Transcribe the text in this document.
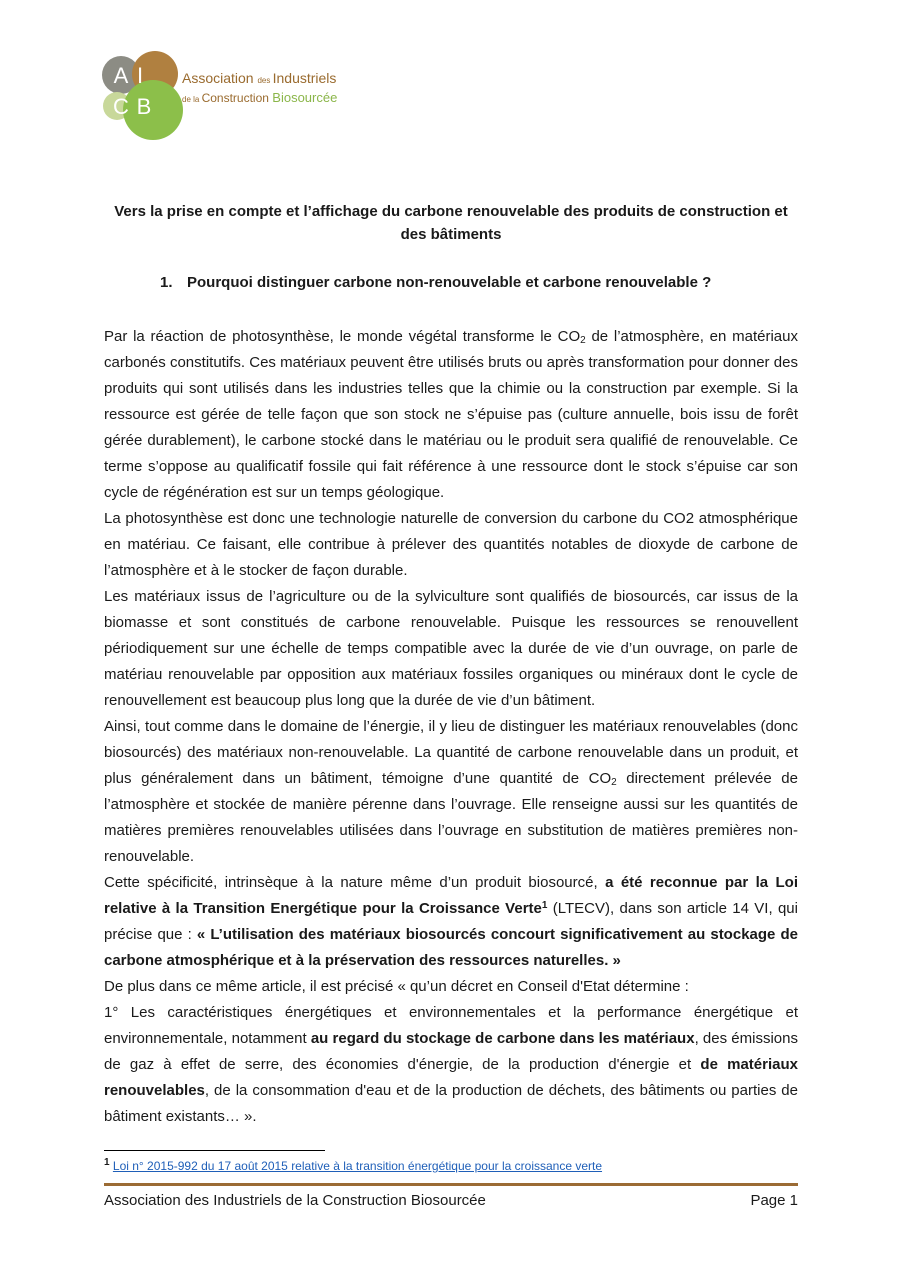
A I
C B
Association des Industriels
de la Construction Biosourcée
Vers la prise en compte et l’affichage du carbone renouvelable des produits de construction et des bâtiments
1. Pourquoi distinguer carbone non-renouvelable et carbone renouvelable ?

Par la réaction de photosynthèse, le monde végétal transforme le $CO_2$ de l’atmosphère, en matériaux carbonés constitutifs. Ces matériaux peuvent être utilisés bruts ou après transformation pour donner des produits qui sont utilisés dans les industries telles que la chimie ou la construction par exemple. Si la ressource est gérée de telle façon que son stock ne s’épuise pas (culture annuelle, bois issu de forêt gérée durablement), le carbone stocké dans le matériau ou le produit sera qualifié de renouvelable. Ce terme s’oppose au qualificatif fossile qui fait référence à une ressource dont le stock s’épuise car son cycle de régénération est sur un temps géologique.

La photosynthèse est donc une technologie naturelle de conversion du carbone du CO2 atmosphérique en matériau. Ce faisant, elle contribue à prélever des quantités notables de dioxyde de carbone de l’atmosphère et à le stocker de façon durable.

Les matériaux issus de l’agriculture ou de la sylviculture sont qualifiés de biosourcés, car issus de la biomasse et sont constitués de carbone renouvelable. Puisque les ressources se renouvellent périodiquement sur une échelle de temps compatible avec la durée de vie d’un ouvrage, on parle de matériau renouvelable par opposition aux matériaux fossiles organiques ou minéraux dont le cycle de renouvellement est beaucoup plus long que la durée de vie d’un bâtiment.

Ainsi, tout comme dans le domaine de l’énergie, il y lieu de distinguer les matériaux renouvelables (donc biosourcés) des matériaux non-renouvelable. La quantité de carbone renouvelable dans un produit, et plus généralement dans un bâtiment, témoigne d’une quantité de $CO_2$ directement prélevée de l’atmosphère et stockée de manière pérenne dans l’ouvrage. Elle renseigne aussi sur les quantités de matières premières renouvelables utilisées dans l’ouvrage en substitution de matières premières non-renouvelable.

Cette spécificité, intrinsèque à la nature même d’un produit biosourcé, a été reconnue par la Loi relative à la Transition Energétique pour la Croissance Verte$^1$ (LTECV), dans son article 14 VI, qui précise que : « L’utilisation des matériaux biosourcés concourt significativement au stockage de carbone atmosphérique et à la préservation des ressources naturelles. »

De plus dans ce même article, il est précisé « qu’un décret en Conseil d'Etat détermine :

1° Les caractéristiques énergétiques et environnementales et la performance énergétique et environnementale, notamment au regard du stockage de carbone dans les matériaux, des émissions de gaz à effet de serre, des économies d'énergie, de la production d'énergie et de matériaux renouvelables, de la consommation d'eau et de la production de déchets, des bâtiments ou parties de bâtiment existants… ».

$^1$ Loi n° 2015-992 du 17 août 2015 relative à la transition énergétique pour la croissance verte
Association des Industriels de la Construction Biosourcée	Page 1
